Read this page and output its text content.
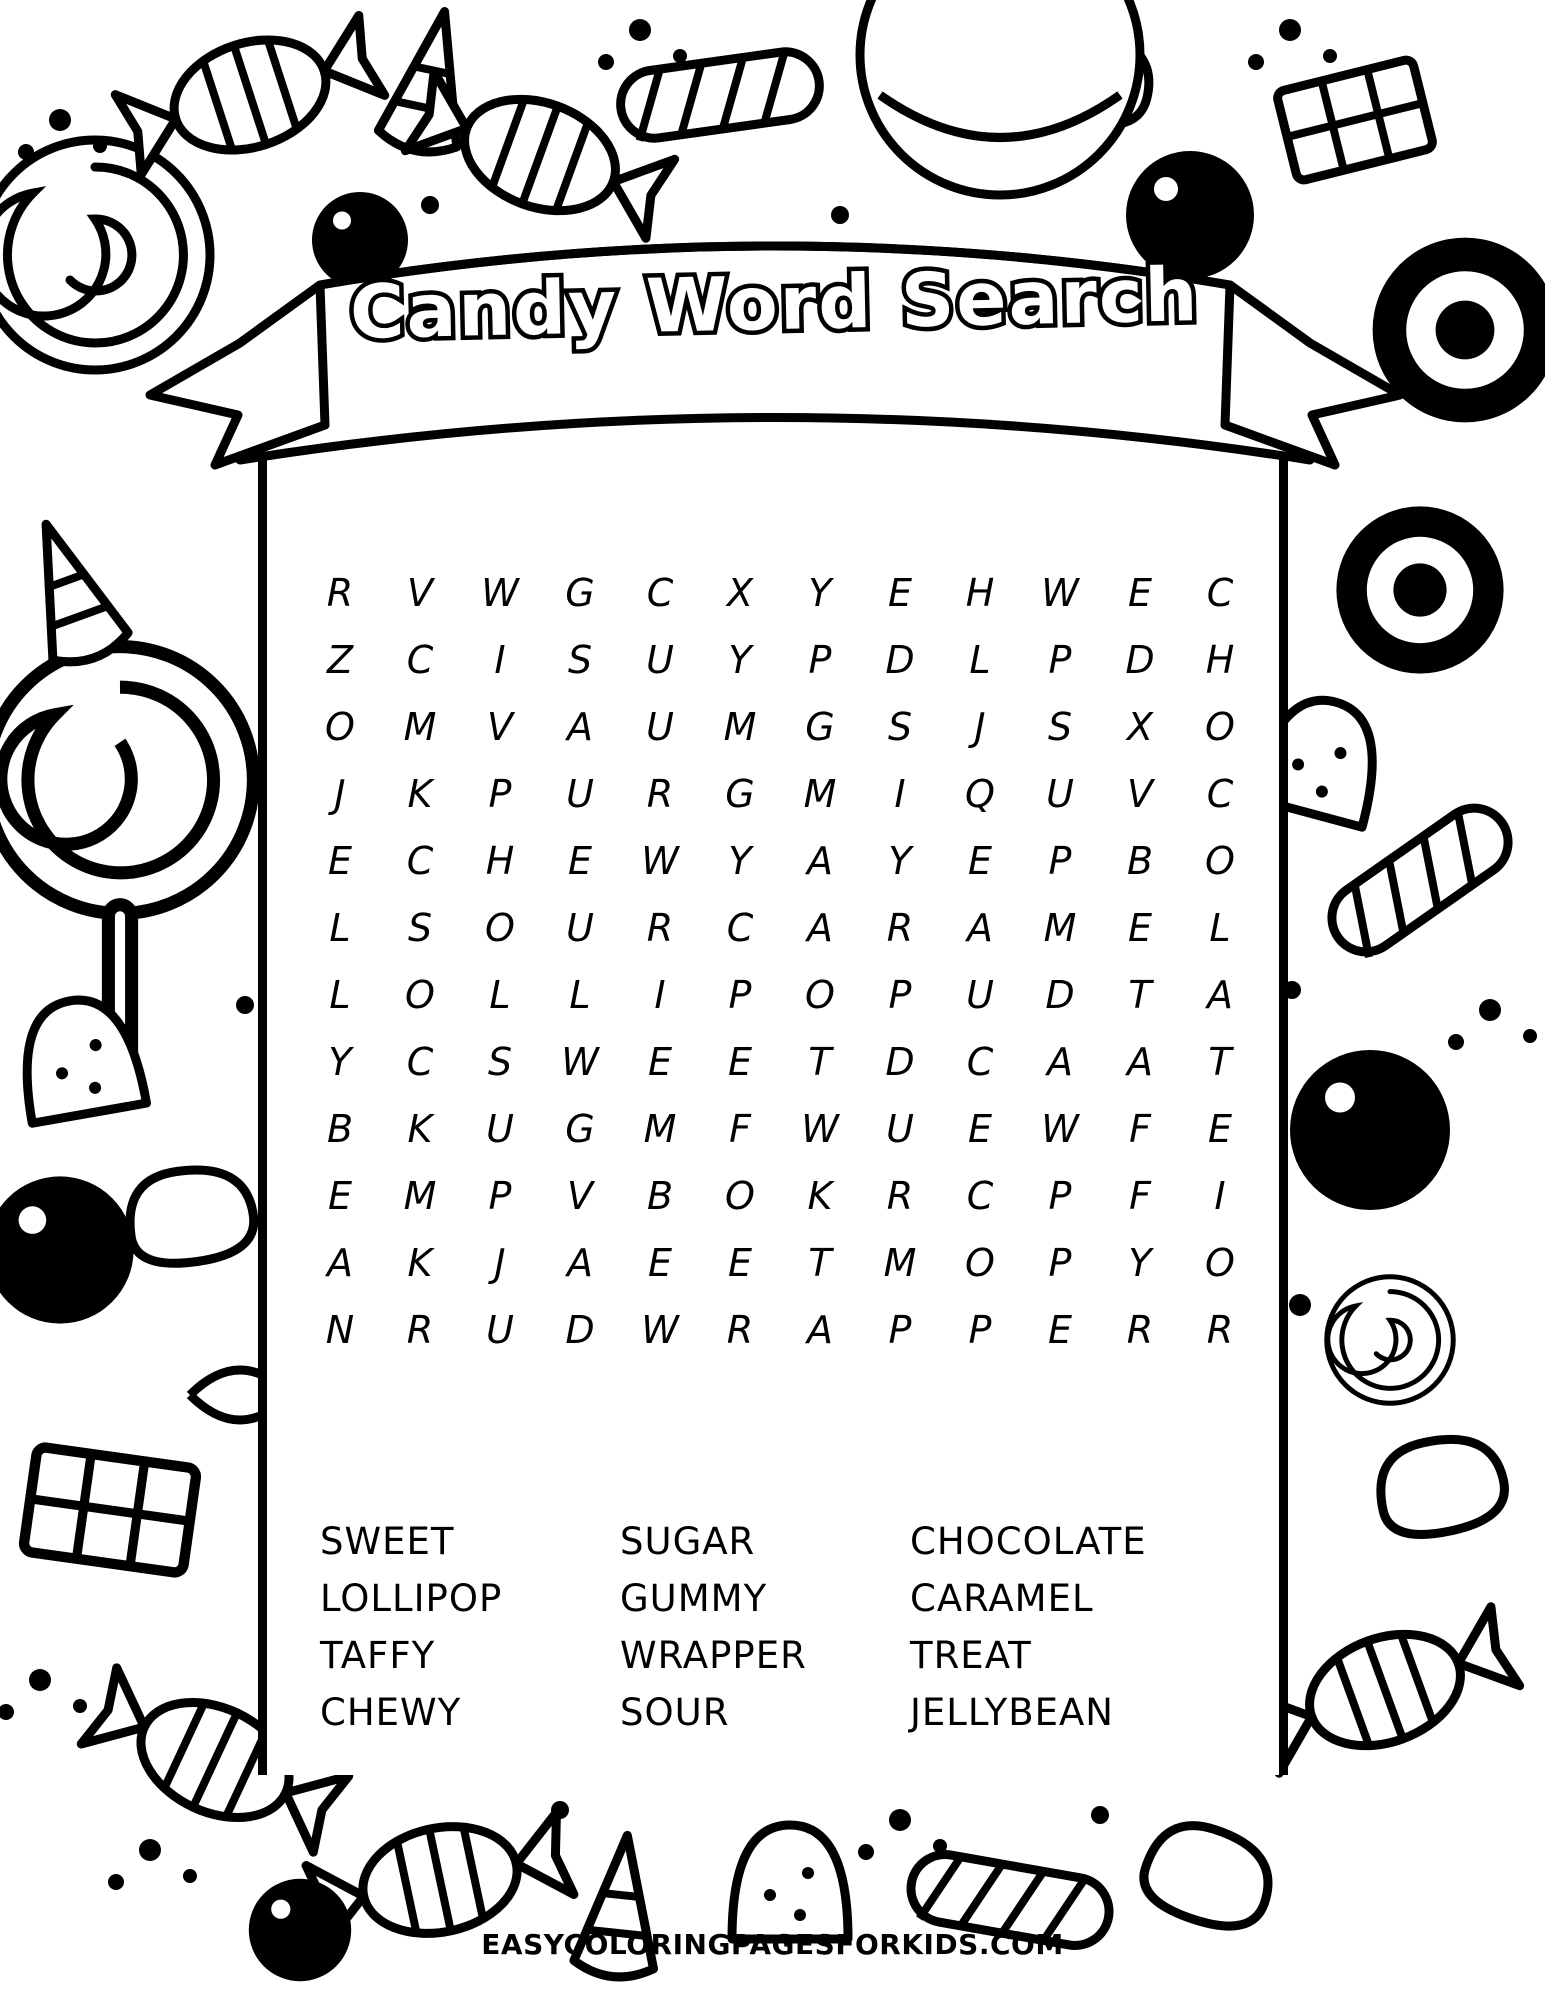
Candy Word Search
R	V	W	G	C	X	Y	E	H	W	E	C
Z	C	I	S	U	Y	P	D	L	P	D	H
O	M	V	A	U	M	G	S	J	S	X	O
J	K	P	U	R	G	M	I	Q	U	V	C
E	C	H	E	W	Y	A	Y	E	P	B	O
L	S	O	U	R	C	A	R	A	M	E	L
L	O	L	L	I	P	O	P	U	D	T	A
Y	C	S	W	E	E	T	D	C	A	A	T
B	K	U	G	M	F	W	U	E	W	F	E
E	M	P	V	B	O	K	R	C	P	F	I
A	K	J	A	E	E	T	M	O	P	Y	O
N	R	U	D	W	R	A	P	P	E	R	R
SWEET	SUGAR	CHOCOLATE
LOLLIPOP	GUMMY	CARAMEL
TAFFY	WRAPPER	TREAT
CHEWY	SOUR	JELLYBEAN
EASYCOLORINGPAGESFORKIDS.COM
